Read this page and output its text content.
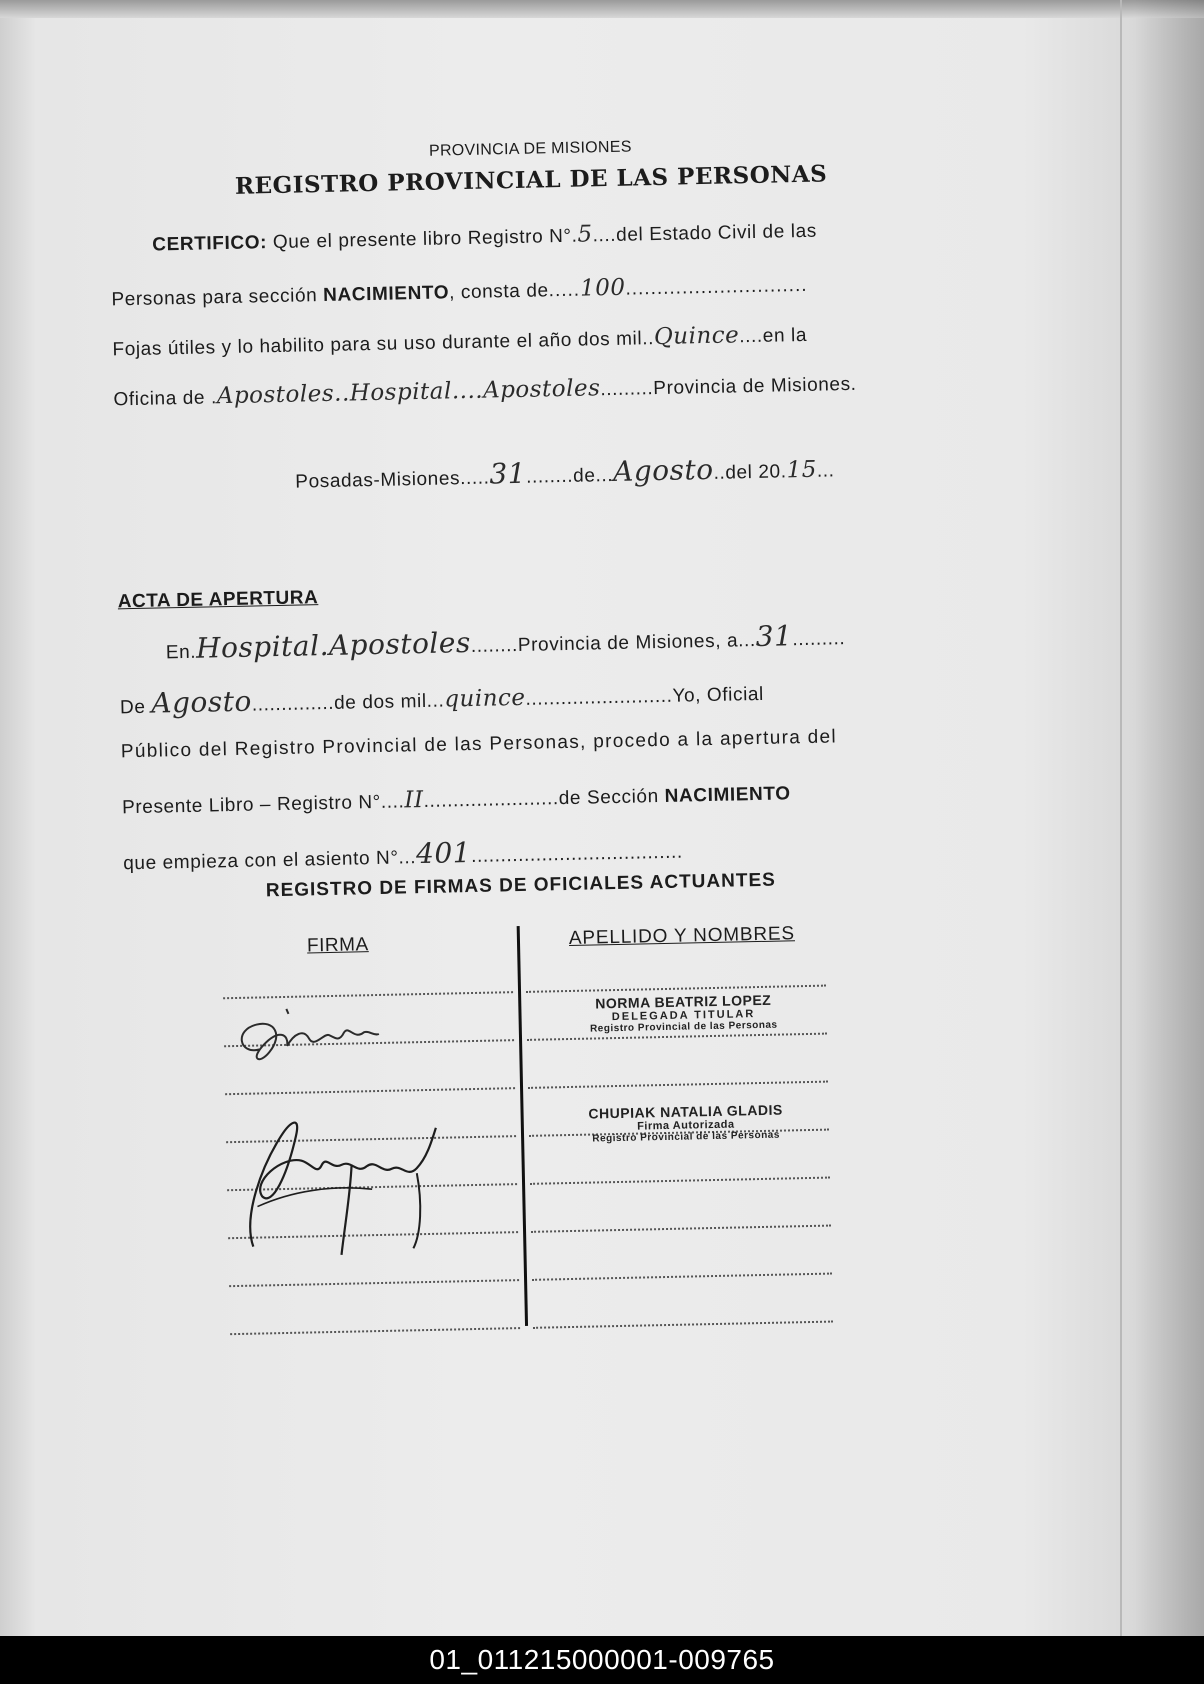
PROVINCIA DE MISIONES
REGISTRO PROVINCIAL DE LAS PERSONAS
CERTIFICO: Que el presente libro Registro N°.5....del Estado Civil de las
Personas para sección NACIMIENTO, consta de.....100.............................
Fojas útiles y lo habilito para su uso durante el año dos mil..Quince....en la
Oficina de .Apostoles..Hospital....Apostoles.........Provincia de Misiones.
Posadas-Misiones.....31........de...Agosto..del 20.15...
ACTA DE APERTURA
En.Hospital.Apostoles........Provincia de Misiones, a...31.........
De Agosto..............de dos mil...quince.........................Yo, Oficial
Público del Registro Provincial de las Personas, procedo a la apertura del
Presente Libro – Registro N°....II.......................de Sección NACIMIENTO
que empieza con el asiento N°...401....................................
REGISTRO DE FIRMAS DE OFICIALES ACTUANTES
FIRMA	APELLIDO Y NOMBRES
NORMA BEATRIZ LOPEZ
DELEGADA TITULAR
Registro Provincial de las Personas
CHUPIAK NATALIA GLADIS
Firma Autorizada
Registro Provincial de las Personas
01_011215000001-009765
